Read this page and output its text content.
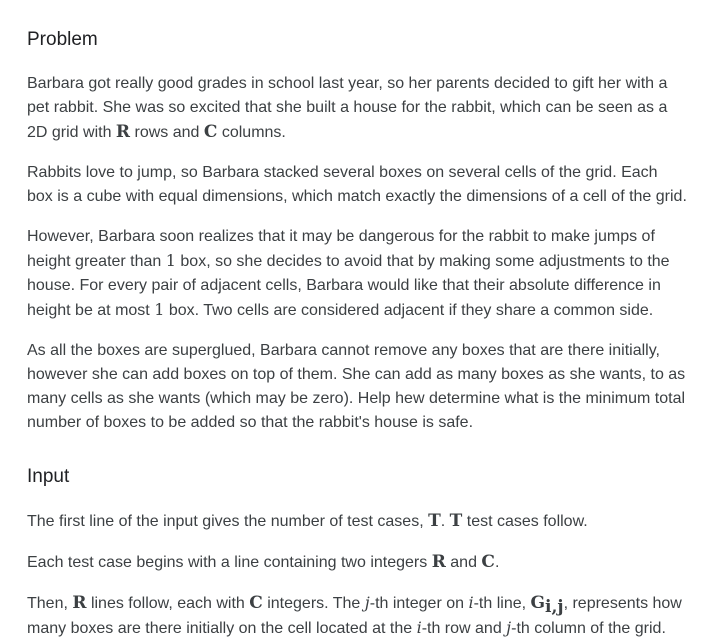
Problem

Barbara got really good grades in school last year, so her parents decided to gift her with a pet rabbit. She was so excited that she built a house for the rabbit, which can be seen as a 2D grid with R rows and C columns.

Rabbits love to jump, so Barbara stacked several boxes on several cells of the grid. Each box is a cube with equal dimensions, which match exactly the dimensions of a cell of the grid.

However, Barbara soon realizes that it may be dangerous for the rabbit to make jumps of height greater than 1 box, so she decides to avoid that by making some adjustments to the house. For every pair of adjacent cells, Barbara would like that their absolute difference in height be at most 1 box. Two cells are considered adjacent if they share a common side.

As all the boxes are superglued, Barbara cannot remove any boxes that are there initially, however she can add boxes on top of them. She can add as many boxes as she wants, to as many cells as she wants (which may be zero). Help hew determine what is the minimum total number of boxes to be added so that the rabbit's house is safe.

Input

The first line of the input gives the number of test cases, T. T test cases follow.

Each test case begins with a line containing two integers R and C.

Then, R lines follow, each with C integers. The j-th integer on i-th line, $G_{i,j}$, represents how many boxes are there initially on the cell located at the i-th row and j-th column of the grid.
